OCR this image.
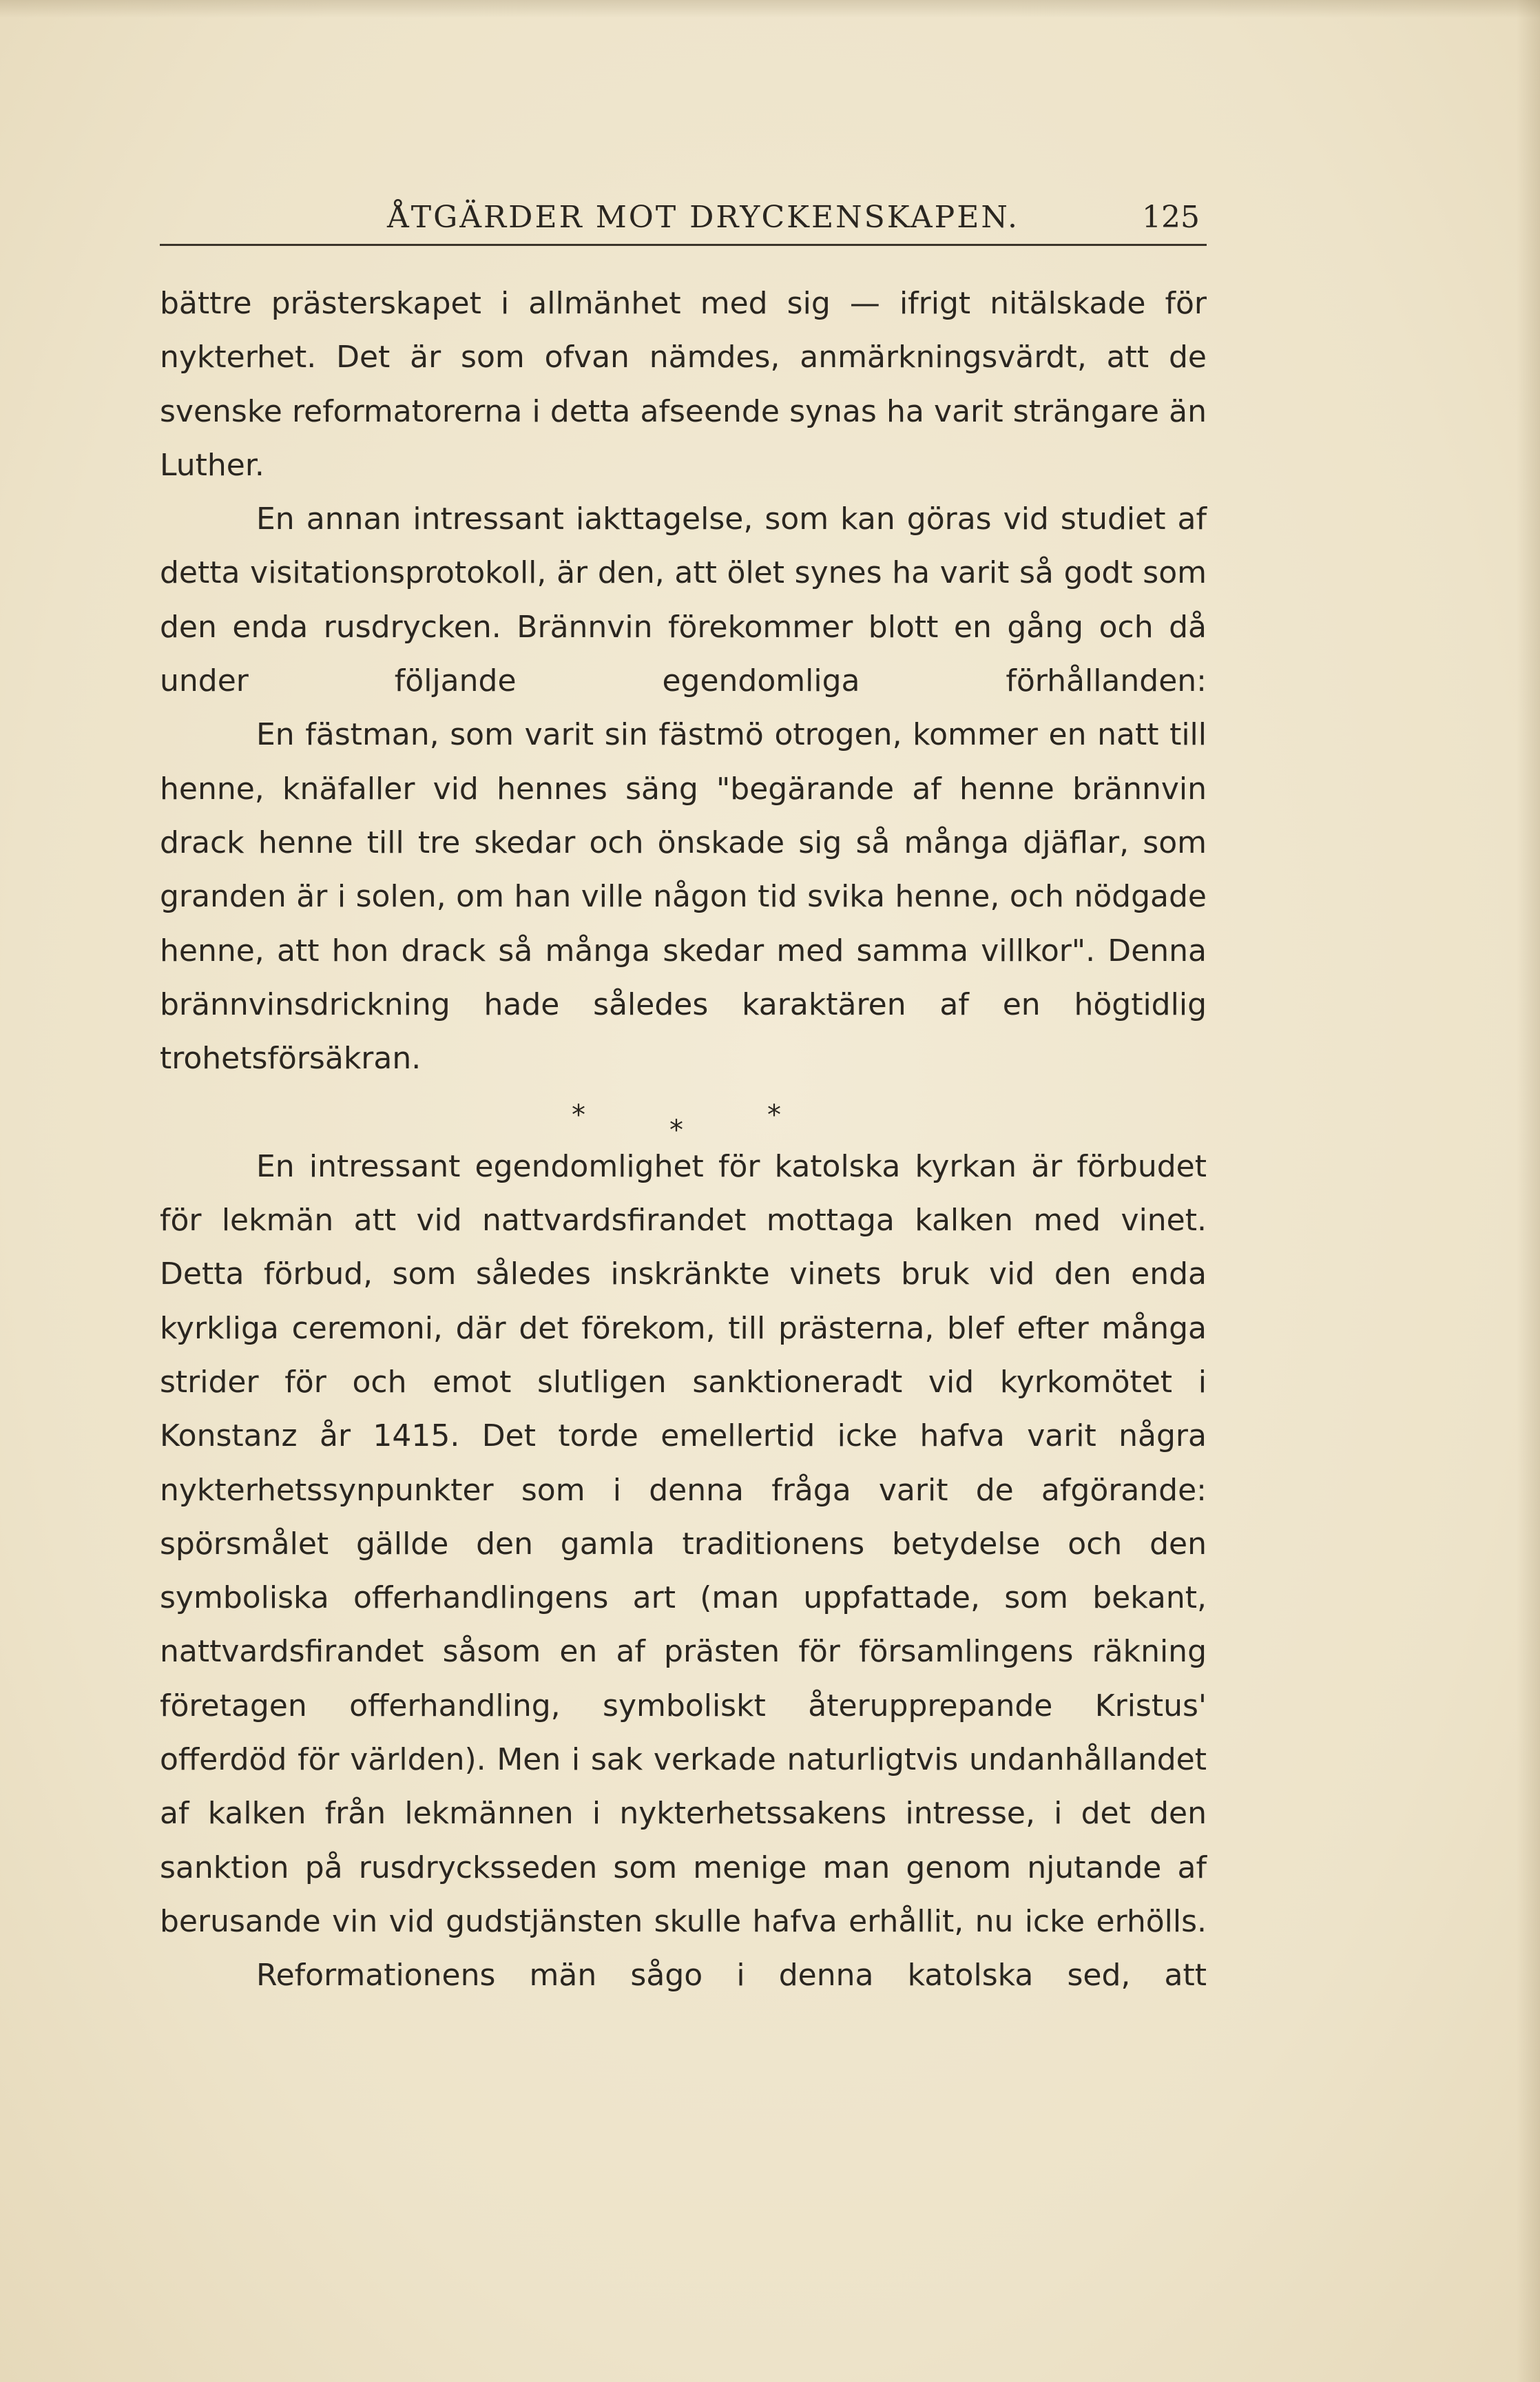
ÅTGÄRDER MOT DRYCKENSKAPEN.	125

bättre prästerskapet i allmänhet med sig — ifrigt nitälskade för nykterhet. Det är som ofvan nämdes, anmärkningsvärdt, att de svenske reformatorerna i detta afseende synas ha varit strängare än Luther.

En annan intressant iakttagelse, som kan göras vid studiet af detta visitationsprotokoll, är den, att ölet synes ha varit så godt som den enda rusdrycken. Brännvin förekommer blott en gång och då under följande egendomliga förhållanden:

En fästman, som varit sin fästmö otrogen, kommer en natt till henne, knäfaller vid hennes säng "begärande af henne brännvin drack henne till tre skedar och önskade sig så många djäflar, som granden är i solen, om han ville någon tid svika henne, och nödgade henne, att hon drack så många skedar med samma villkor". Denna brännvinsdrickning hade således karaktären af en högtidlig trohetsförsäkran.

*	*	*

En intressant egendomlighet för katolska kyrkan är förbudet för lekmän att vid nattvardsfirandet mottaga kalken med vinet. Detta förbud, som således inskränkte vinets bruk vid den enda kyrkliga ceremoni, där det förekom, till prästerna, blef efter många strider för och emot slutligen sanktioneradt vid kyrkomötet i Konstanz år 1415. Det torde emellertid icke hafva varit några nykterhetssynpunkter som i denna fråga varit de afgörande: spörsmålet gällde den gamla traditionens betydelse och den symboliska offerhandlingens art (man uppfattade, som bekant, nattvardsfirandet såsom en af prästen för församlingens räkning företagen offerhandling, symboliskt återupprepande Kristus' offerdöd för världen). Men i sak verkade naturligtvis undanhållandet af kalken från lekmännen i nykterhetssakens intresse, i det den sanktion på rusdrycksseden som menige man genom njutande af berusande vin vid gudstjänsten skulle hafva erhållit, nu icke erhölls.

Reformationens män sågo i denna katolska sed, att
